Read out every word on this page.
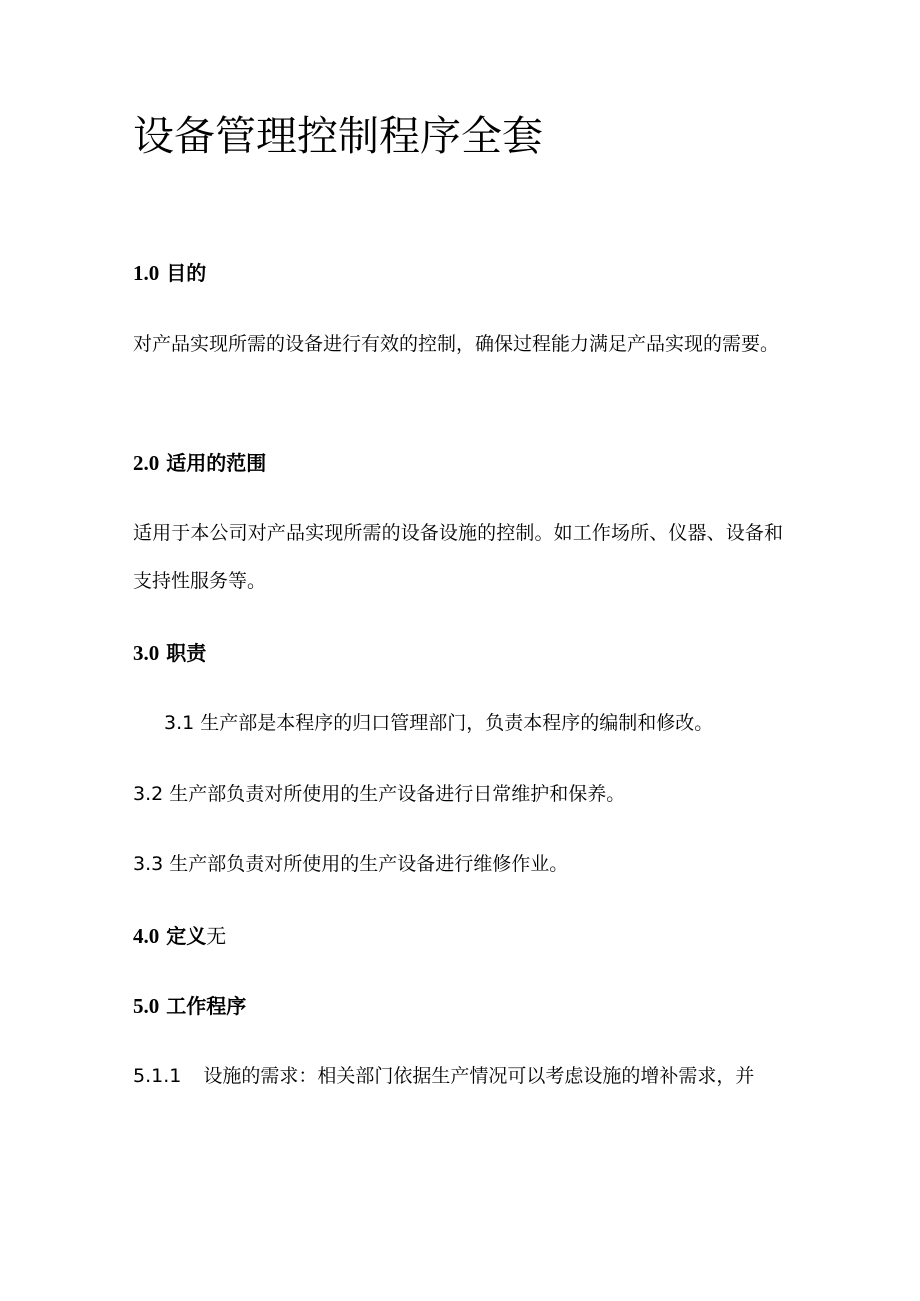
设备管理控制程序全套
1.0 目的

对产品实现所需的设备进行有效的控制，确保过程能力满足产品实现的需要。

2.0 适用的范围

适用于本公司对产品实现所需的设备设施的控制。如工作场所、仪器、设备和支持性服务等。

3.0 职责

3.1 生产部是本程序的归口管理部门，负责本程序的编制和修改。

3.2 生产部负责对所使用的生产设备进行日常维护和保养。

3.3 生产部负责对所使用的生产设备进行维修作业。

4.0 定义无
5.0 工作程序

5.1.1 设施的需求：相关部门依据生产情况可以考虑设施的增补需求，并
